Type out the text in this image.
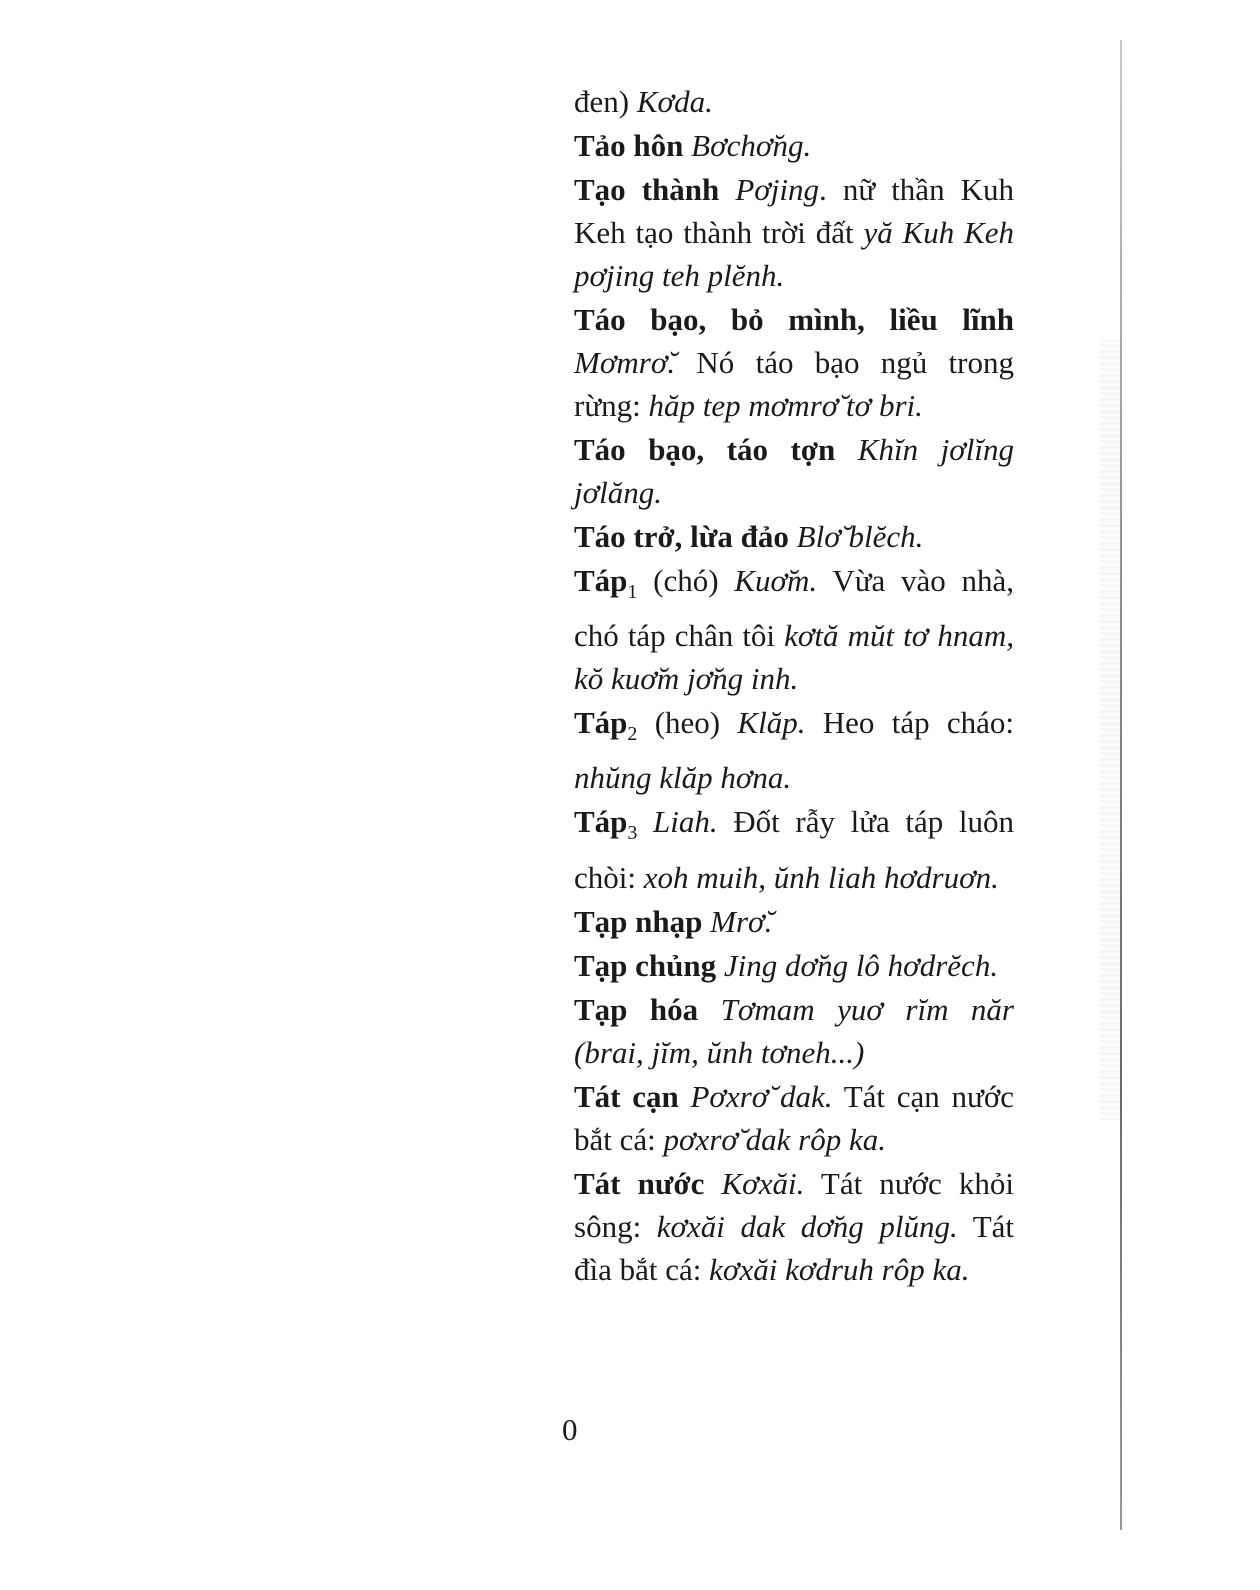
đen) Kơda.
Tảo hôn Bơchơ̆ng.
Tạo thành Pơjing. nữ thần Kuh Keh tạo thành trời đất yă Kuh Keh pơjing teh plĕnh.
Táo bạo, bỏ mình, liều lĩnh Mơmrơ̆. Nó táo bạo ngủ trong rừng: hăp tep mơmrơ̆ tơ bri.
Táo bạo, táo tợn Khĭn jơlĭng jơlăng.
Táo trở, lừa đảo Blơ̆ blĕch.
Táp$_1$ (chó) Kuơ̆m. Vừa vào nhà, chó táp chân tôi kơtă mŭt tơ hnam, kŏ kuơ̆m jơ̆ng inh.
Táp$_2$ (heo) Klăp. Heo táp cháo: nhŭng klăp hơna.
Táp$_3$ Liah. Đốt rẫy lửa táp luôn chòi: xoh muih, ŭnh liah hơdruơn.
Tạp nhạp Mrơ̆.
Tạp chủng Jing dơ̆ng lô hơdrĕch.
Tạp hóa Tơmam yuơ rĭm năr (brai, jĭm, ŭnh tơneh...)
Tát cạn Pơxrơ̆ dak. Tát cạn nước bắt cá: pơxrơ̆ dak rôp ka.
Tát nước Kơxăi. Tát nước khỏi sông: kơxăi dak dơ̆ng plŭng. Tát đìa bắt cá: kơxăi kơdruh rôp ka.
0
